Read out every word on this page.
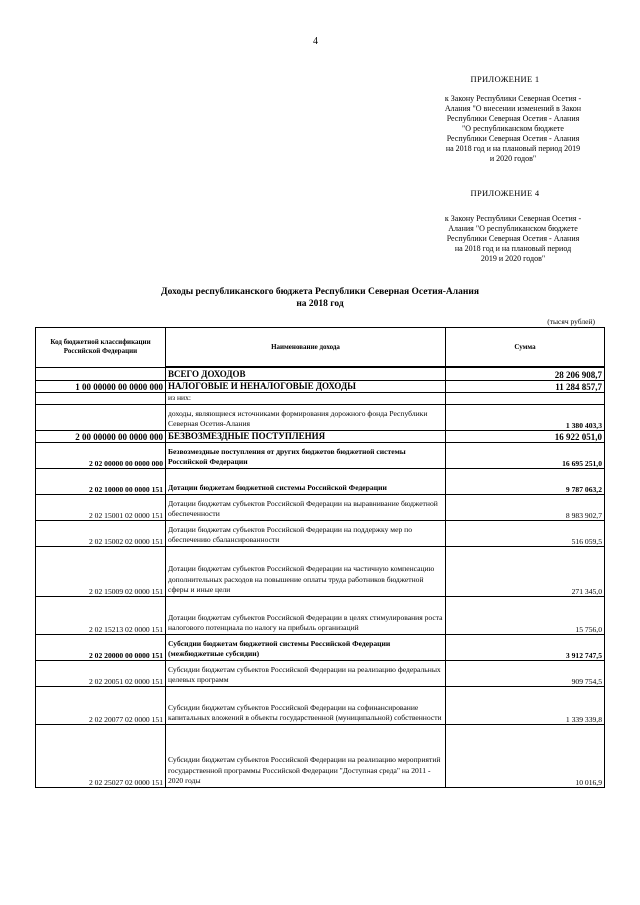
4
ПРИЛОЖЕНИЕ 1
к Закону Республики Северная Осетия -
Алания "О внесении изменений в Закон
Республики Северная Осетия - Алания
"О республиканском бюджете
Республики Северная Осетия - Алания
на 2018 год и на плановый период 2019
и 2020 годов"
ПРИЛОЖЕНИЕ 4
к Закону Республики Северная Осетия -
Алания "О республиканском бюджете
Республики Северная Осетия - Алания
на 2018 год и на плановый период
2019 и 2020 годов"
Доходы республиканского бюджета Республики Северная Осетия-Алания
на 2018 год
(тысяч рублей)
Код бюджетной классификации Российской Федерации	Наименование дохода	Сумма
	ВСЕГО ДОХОДОВ	28 206 908,7
1 00 00000 00 0000 000	НАЛОГОВЫЕ И НЕНАЛОГОВЫЕ ДОХОДЫ	11 284 857,7
	из них:	
	доходы, являющиеся источниками формирования дорожного фонда Республики Северная Осетия-Алания	1 380 403,3
2 00 00000 00 0000 000	БЕЗВОЗМЕЗДНЫЕ ПОСТУПЛЕНИЯ	16 922 051,0
2 02 00000 00 0000 000	Безвозмездные поступления от других бюджетов бюджетной системы Российской Федерации	16 695 251,0
2 02 10000 00 0000 151	Дотации бюджетам бюджетной системы Российской Федерации	9 787 063,2
2 02 15001 02 0000 151	Дотации бюджетам субъектов Российской Федерации на выравнивание бюджетной обеспеченности	8 983 902,7
2 02 15002 02 0000 151	Дотации бюджетам субъектов Российской Федерации на поддержку мер по обеспечению сбалансированности	516 059,5
2 02 15009 02 0000 151	Дотации бюджетам субъектов Российской Федерации на частичную компенсацию дополнительных расходов на повышение оплаты труда работников бюджетной сферы и иные цели	271 345,0
2 02 15213 02 0000 151	Дотации бюджетам субъектов Российской Федерации в целях стимулирования роста налогового потенциала по налогу на прибыль организаций	15 756,0
2 02 20000 00 0000 151	Субсидии бюджетам бюджетной системы Российской Федерации (межбюджетные субсидии)	3 912 747,5
2 02 20051 02 0000 151	Субсидии бюджетам субъектов Российской Федерации на реализацию федеральных целевых программ	909 754,5
2 02 20077 02 0000 151	Субсидии бюджетам субъектов Российской Федерации на софинансирование капитальных вложений в объекты государственной (муниципальной) собственности	1 339 339,8
2 02 25027 02 0000 151	Субсидии бюджетам субъектов Российской Федерации на реализацию мероприятий государственной программы Российской Федерации "Доступная среда" на 2011 - 2020 годы	10 016,9
